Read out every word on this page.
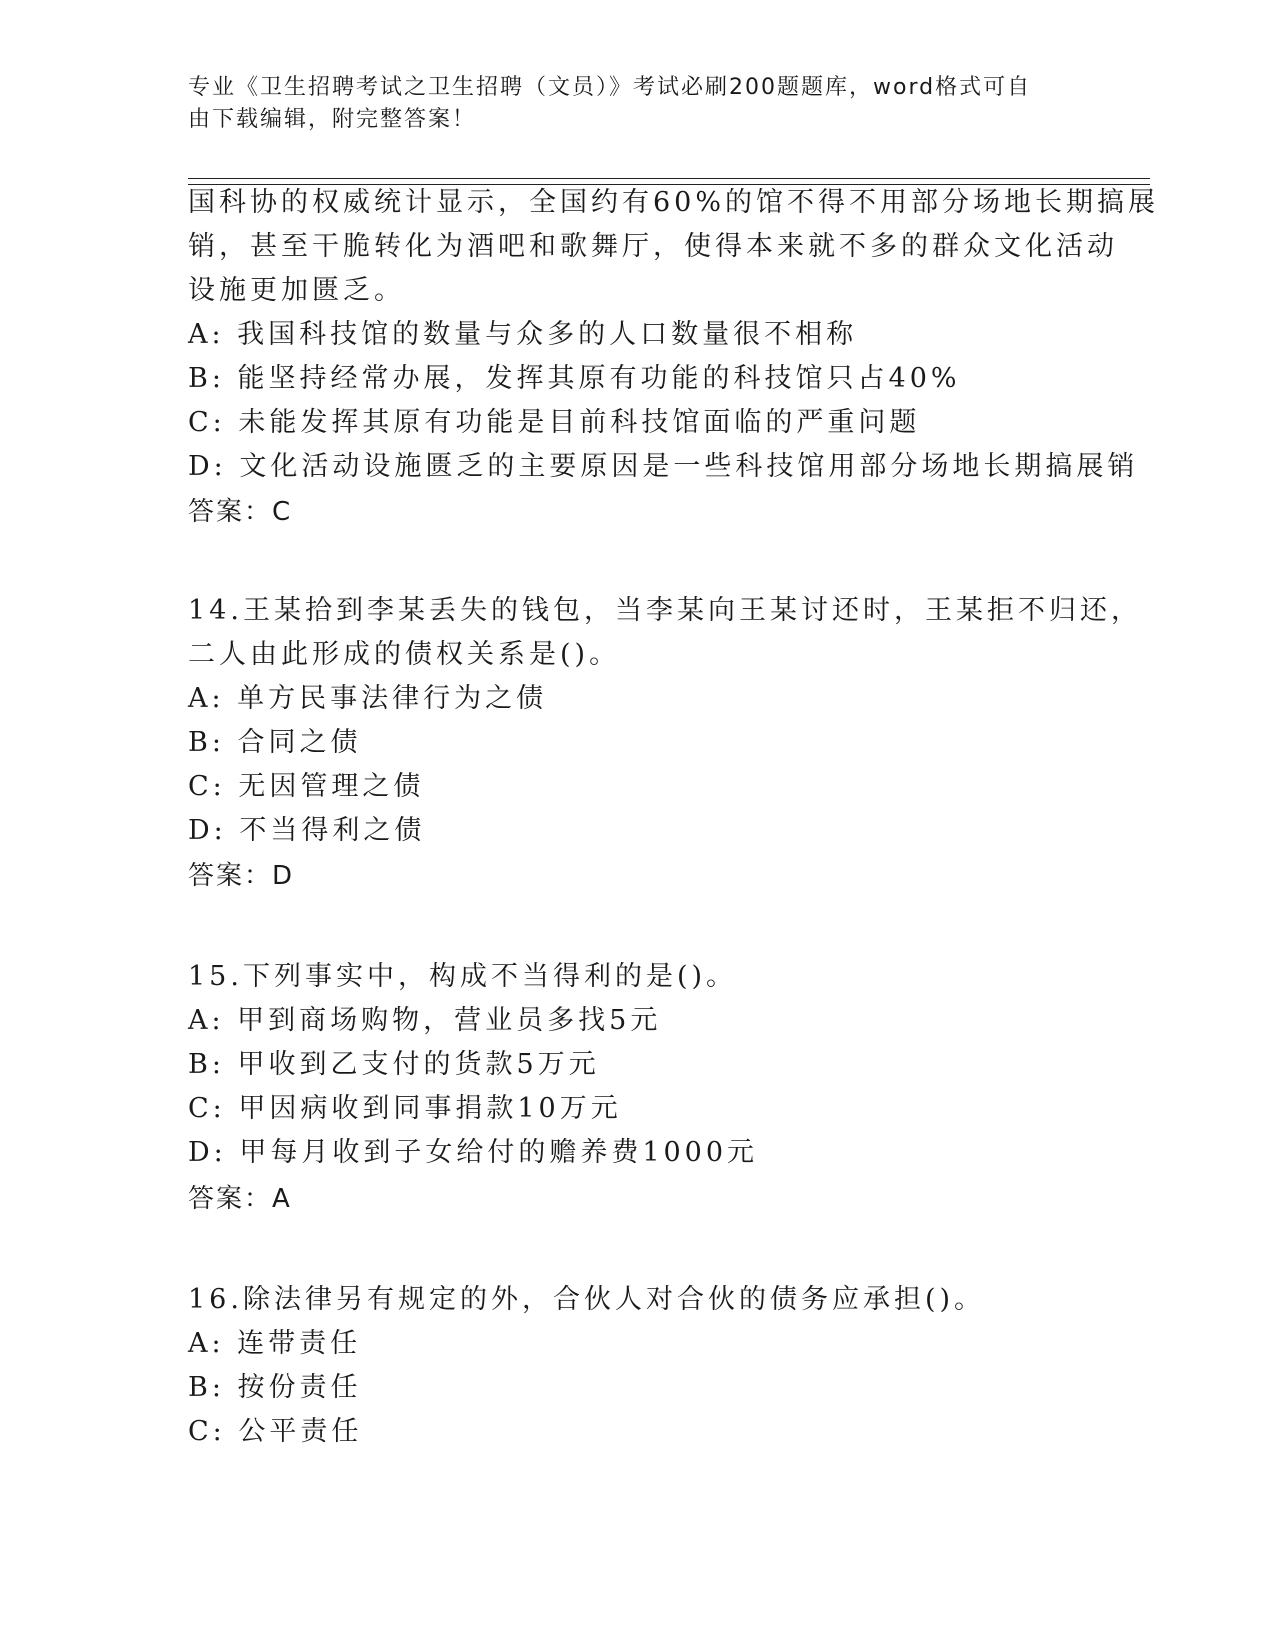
专业《卫生招聘考试之卫生招聘（文员）》考试必刷200题题库，word格式可自
由下载编辑，附完整答案！
国科协的权威统计显示，全国约有60%的馆不得不用部分场地长期搞展
销，甚至干脆转化为酒吧和歌舞厅，使得本来就不多的群众文化活动
设施更加匮乏。
A: 我国科技馆的数量与众多的人口数量很不相称
B: 能坚持经常办展，发挥其原有功能的科技馆只占40%
C: 未能发挥其原有功能是目前科技馆面临的严重问题
D: 文化活动设施匮乏的主要原因是一些科技馆用部分场地长期搞展销
答案：C
14.王某拾到李某丢失的钱包，当李某向王某讨还时，王某拒不归还，
二人由此形成的债权关系是()。
A: 单方民事法律行为之债
B: 合同之债
C: 无因管理之债
D: 不当得利之债
答案：D
15.下列事实中，构成不当得利的是()。
A: 甲到商场购物，营业员多找5元
B: 甲收到乙支付的货款5万元
C: 甲因病收到同事捐款10万元
D: 甲每月收到子女给付的赡养费1000元
答案：A
16.除法律另有规定的外，合伙人对合伙的债务应承担()。
A: 连带责任
B: 按份责任
C: 公平责任
